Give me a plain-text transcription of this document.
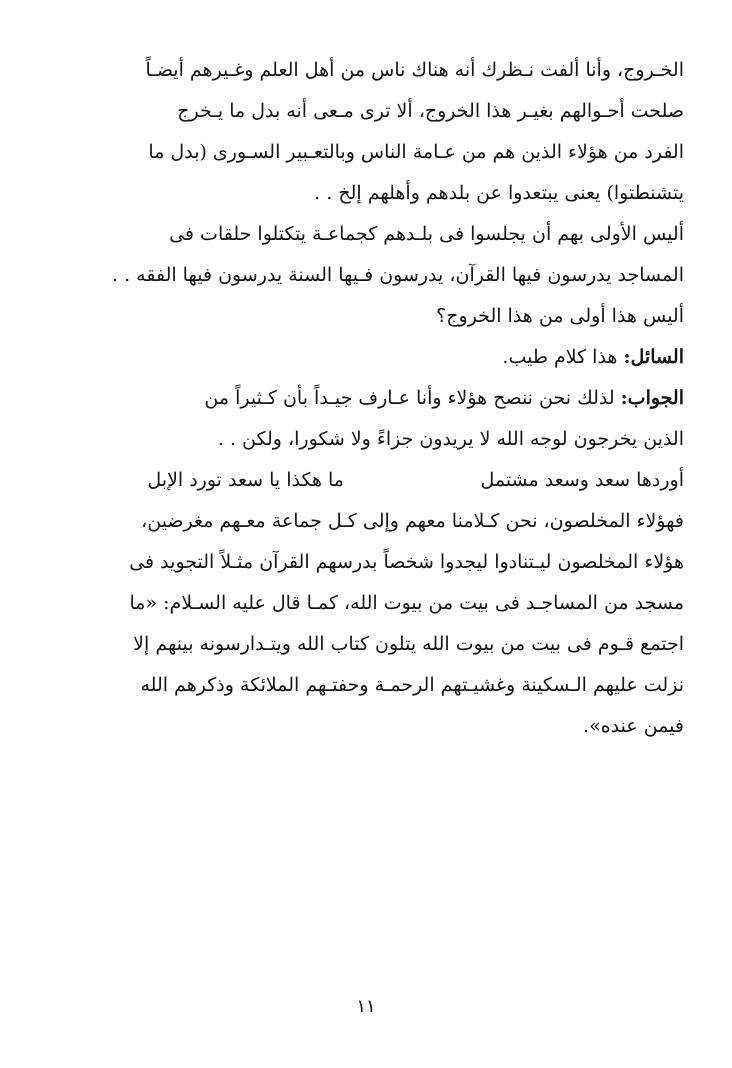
الخـروج، وأنا ألفت نـظرك أنه هناك ناس من أهل العلم وغـيرهم أيضـاً
صلحت أحـوالهم بغيـر هذا الخروج، ألا ترى مـعى أنه بدل ما يـخرج
الفرد من هؤلاء الذين هم من عـامة الناس وبالتعـبير السـورى (بدل ما
يتشنطتوا) يعنى يبتعدوا عن بلدهم وأهلهم إلخ . .
أليس الأولى بهم أن يجلسوا فى بلـدهم كجماعـة يتكتلوا حلقات فى
المساجد يدرسون فيها القرآن، يدرسون فـيها السنة يدرسون فيها الفقه . .
أليس هذا أولى من هذا الخروج؟
السائل: هذا كلام طيب.
الجواب: لذلك نحن ننصح هؤلاء وأنا عـارف جيـداً بأن كـثيراً من
الذين يخرجون لوجه الله لا يريدون جزاءً ولا شكورا، ولكن . .
أوردها سعد وسعد مشتمل
ما هكذا يا سعد تورد الإبل
فهؤلاء المخلصون، نحن كـلامنا معهم وإلى كـل جماعة معـهم مغرضين،
هؤلاء المخلصون ليـتنادوا ليجدوا شخصاً بدرسهم القرآن مثـلاً التجويد فى
مسجد من المساجـد فى بيت من بيوت الله، كمـا قال عليه السـلام: «ما
اجتمع قـوم فى بيت من بيوت الله يتلون كتاب الله ويتـدارسونه بينهم إلا
نزلت عليهم الـسكينة وغشيـتهم الرحمـة وحفتـهم الملائكة وذكرهم الله
فيمن عنده».
١١
